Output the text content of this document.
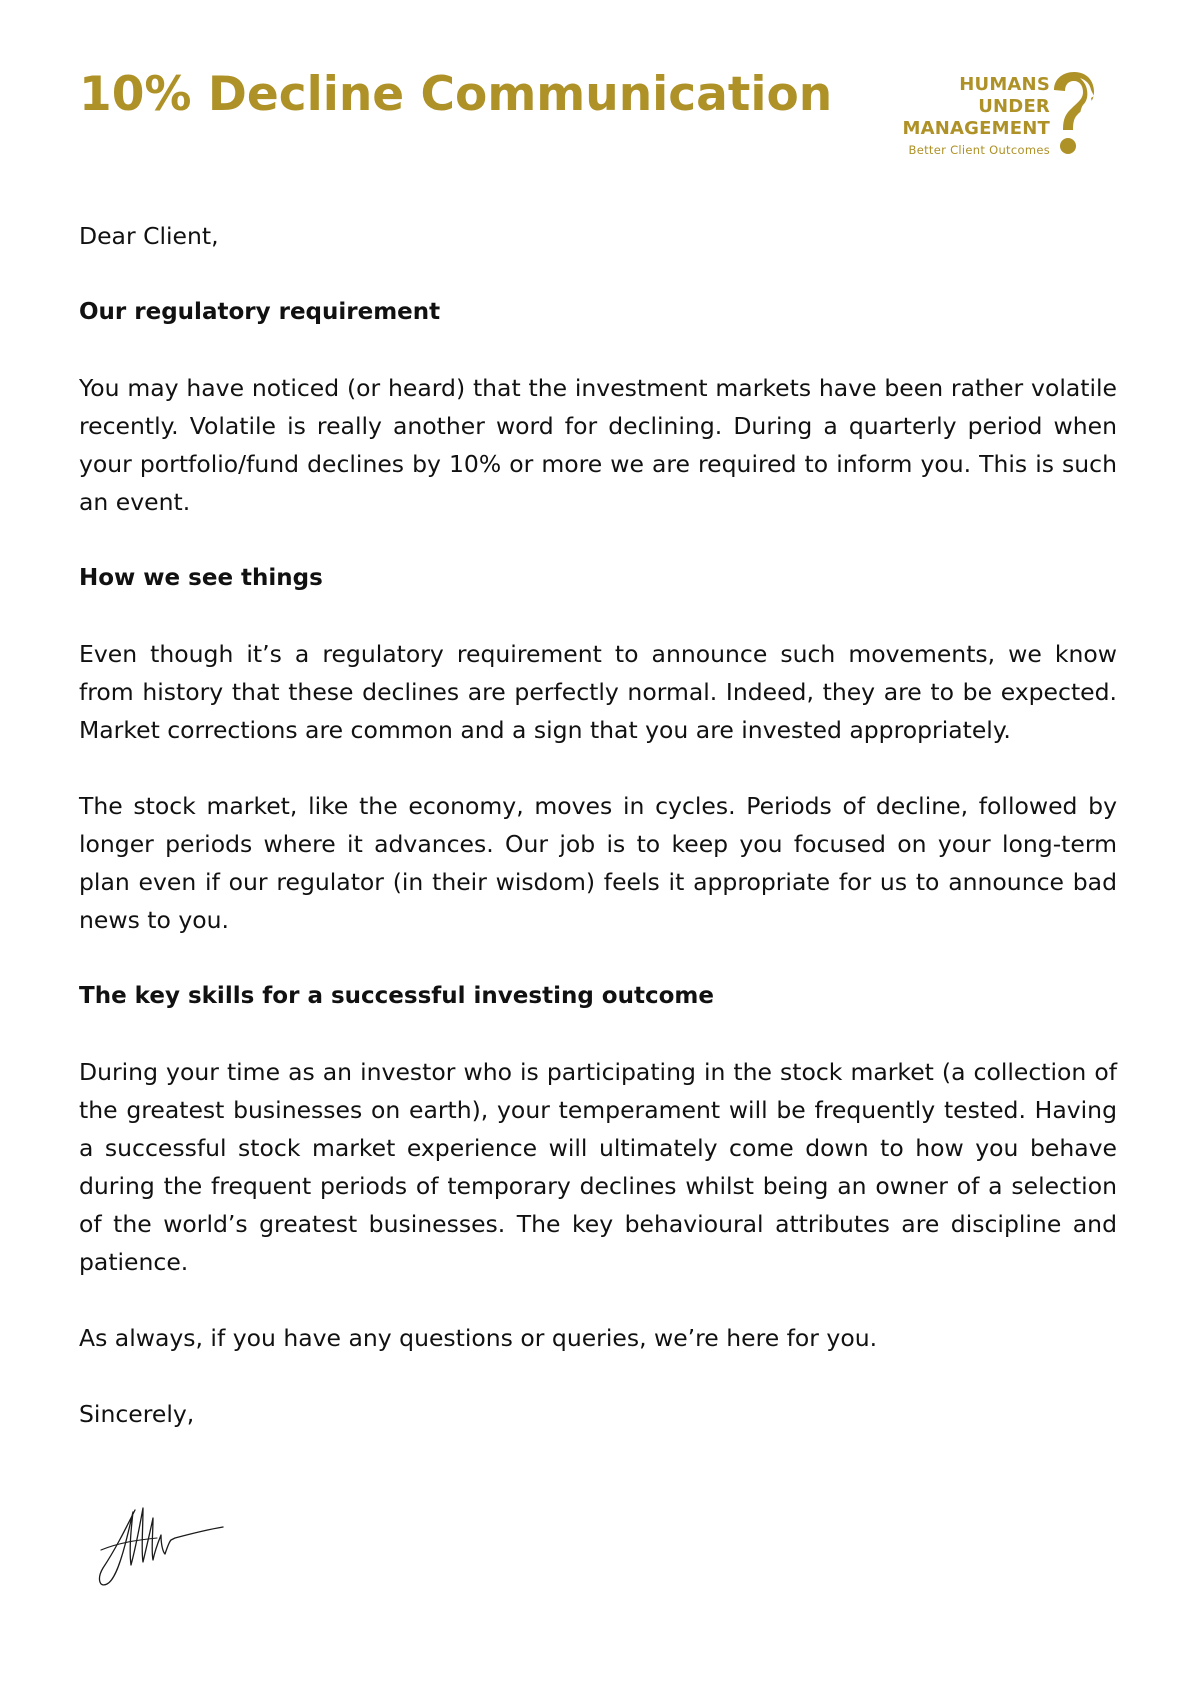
10% Decline Communication	HUMANS
UNDER
MANAGEMENT
Better Client Outcomes

Dear Client,

Our regulatory requirement

You may have noticed (or heard) that the investment markets have been rather volatile recently. Volatile is really another word for declining. During a quarterly period when your portfolio/fund declines by 10% or more we are required to inform you. This is such an event.

How we see things

Even though it’s a regulatory requirement to announce such movements, we know from history that these declines are perfectly normal. Indeed, they are to be expected. Market corrections are common and a sign that you are invested appropriately.

The stock market, like the economy, moves in cycles. Periods of decline, followed by longer periods where it advances. Our job is to keep you focused on your long-term plan even if our regulator (in their wisdom) feels it appropriate for us to announce bad news to you.

The key skills for a successful investing outcome

During your time as an investor who is participating in the stock market (a collection of the greatest businesses on earth), your temperament will be frequently tested. Having a successful stock market experience will ultimately come down to how you behave during the frequent periods of temporary declines whilst being an owner of a selection of the world’s greatest businesses. The key behavioural attributes are discipline and patience.

As always, if you have any questions or queries, we’re here for you.

Sincerely,
